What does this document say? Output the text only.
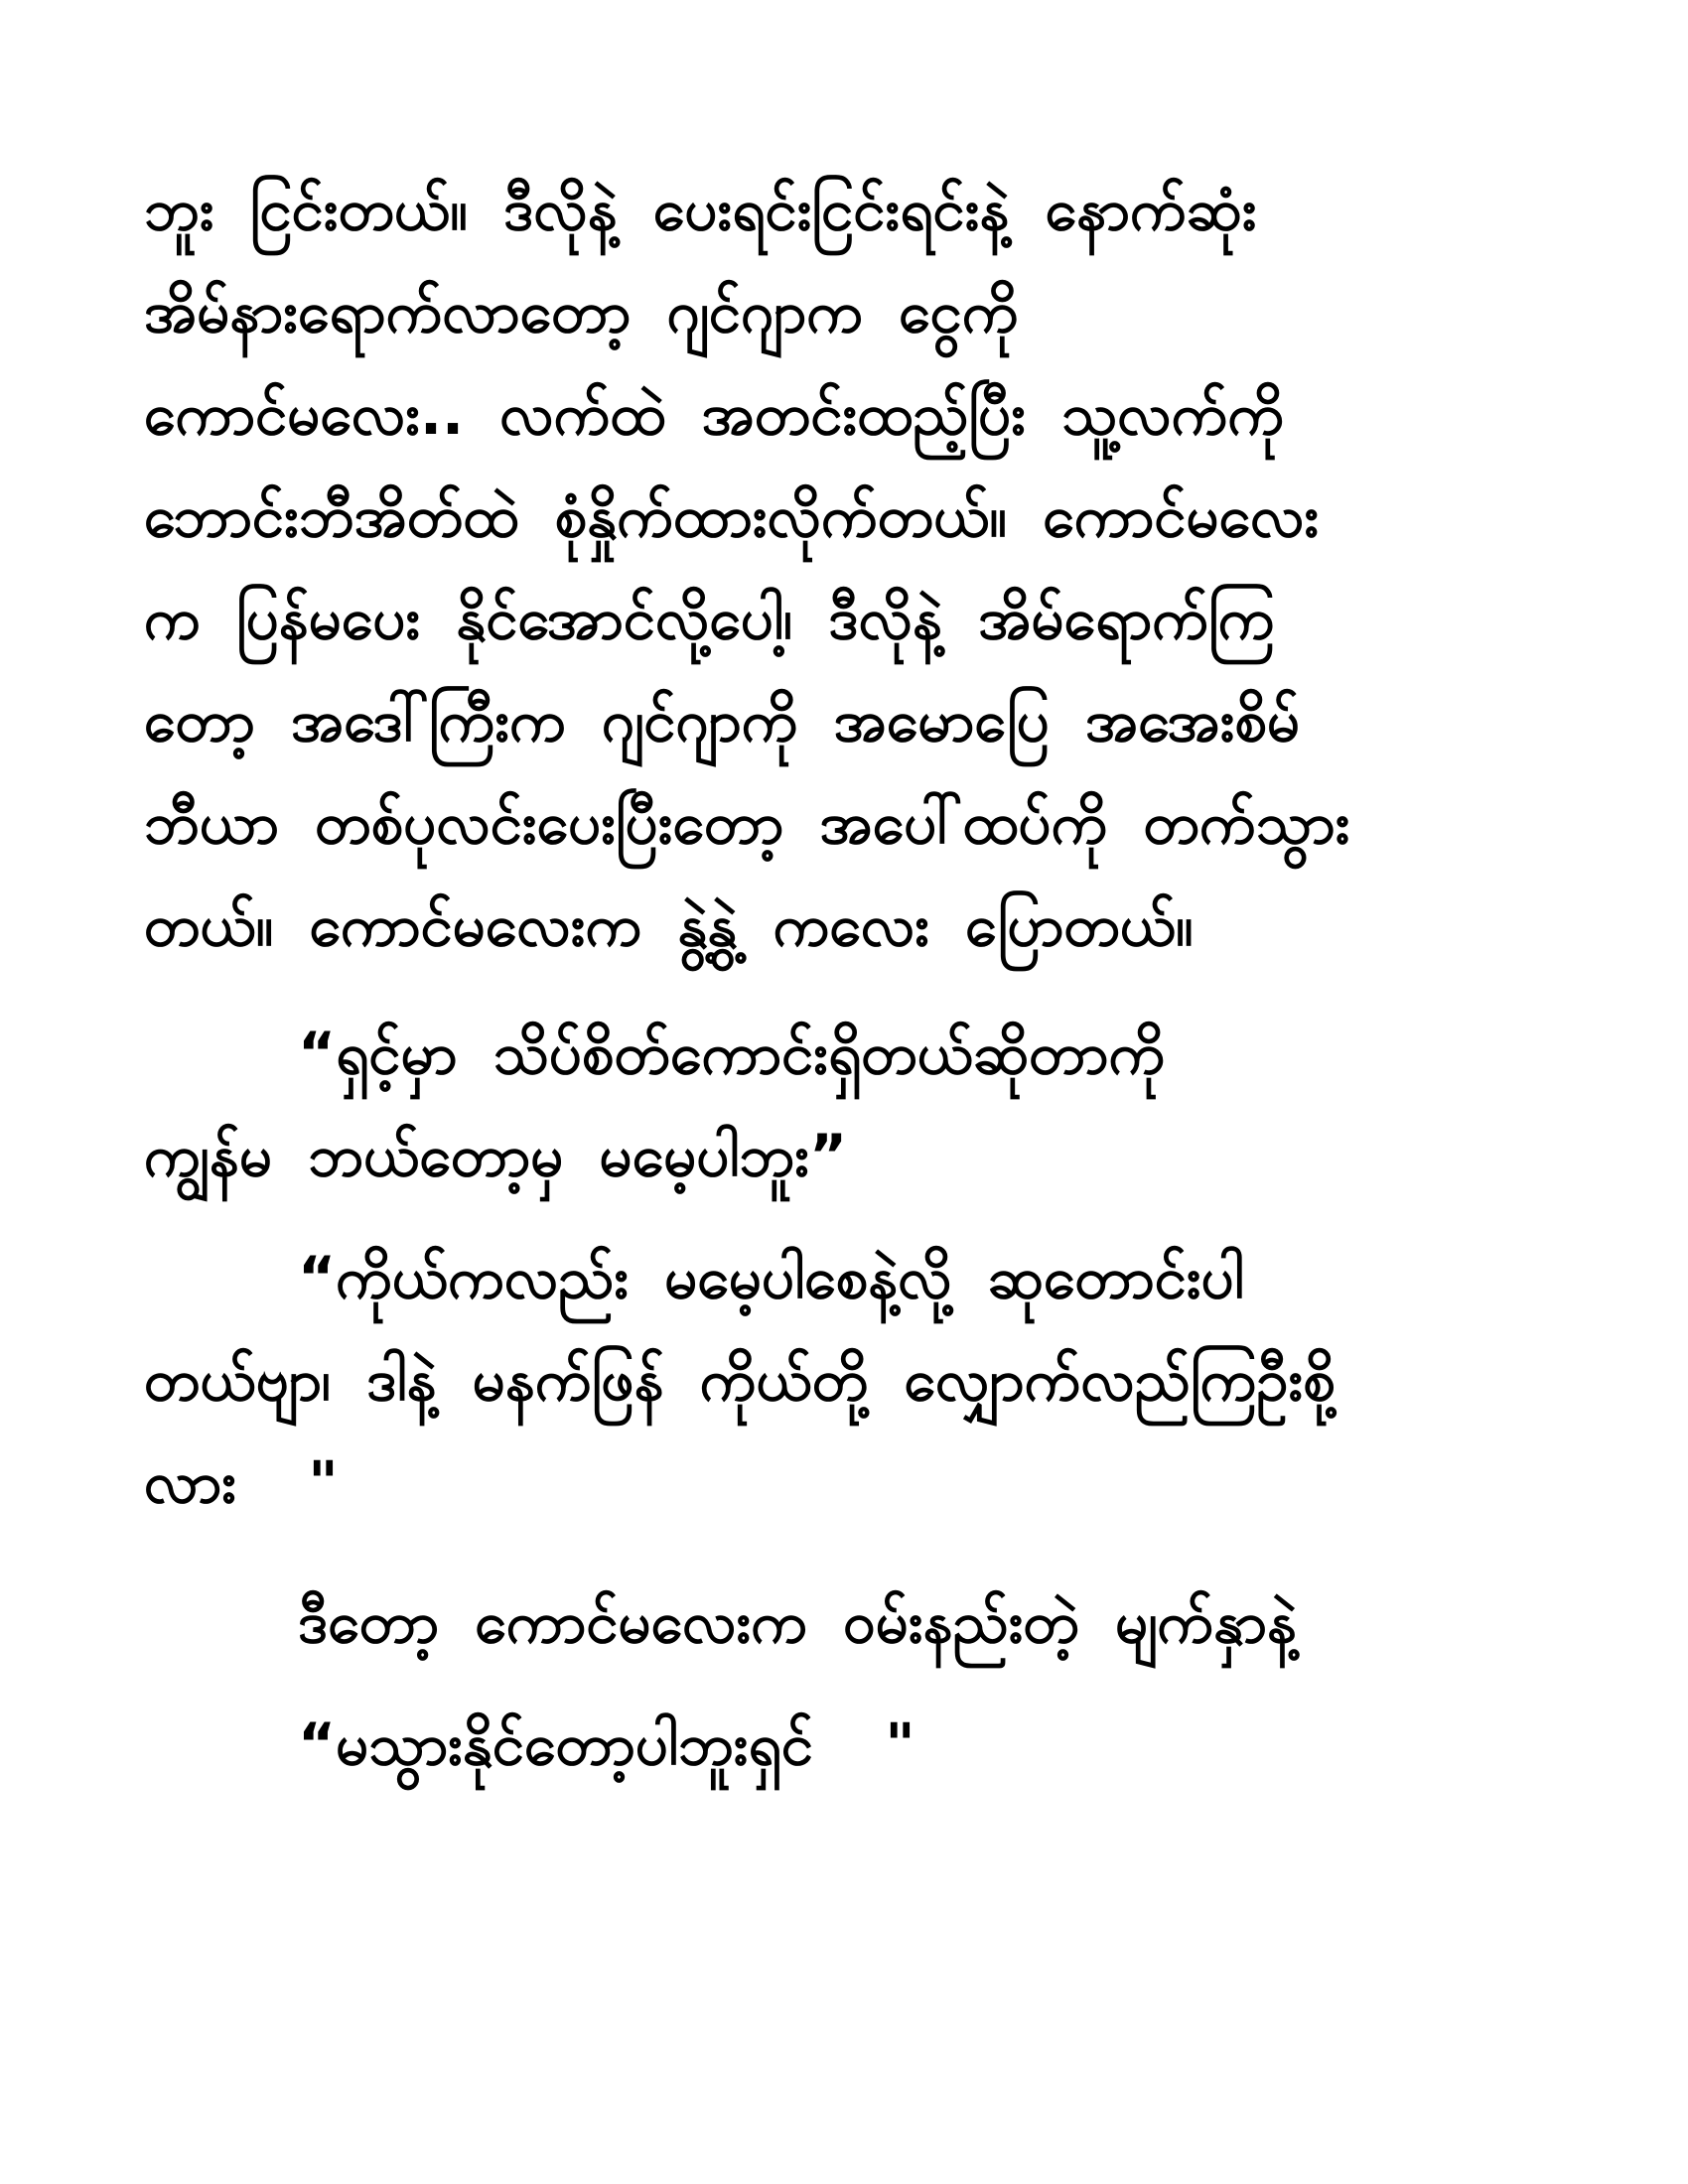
ဘူး ငြင်းတယ်။ ဒီလိုနဲ့ ပေးရင်းငြင်းရင်းနဲ့ နောက်ဆုံး
အိမ်နားရောက်လာတော့ ဂျင်ဂျာက ငွေကို
ကောင်မလေး.. လက်ထဲ အတင်းထည့်ပြီး သူ့လက်ကို
ဘောင်းဘီအိတ်ထဲ စုံနှိုက်ထားလိုက်တယ်။ ကောင်မလေး
က ပြန်မပေး နိုင်အောင်လို့ပေါ့၊ ဒီလိုနဲ့ အိမ်ရောက်ကြ
တော့ အဒေါ်ကြီးက ဂျင်ဂျာကို အမောပြေ အအေးစိမ်
ဘီယာ တစ်ပုလင်းပေးပြီးတော့ အပေါ်ထပ်ကို တက်သွား
တယ်။ ကောင်မလေးက နွဲ့နွဲ့ ကလေး ပြောတယ်။
“ရှင့်မှာ သိပ်စိတ်ကောင်းရှိတယ်ဆိုတာကို
ကျွန်မ ဘယ်တော့မှ မမေ့ပါဘူး”
“ကိုယ်ကလည်း မမေ့ပါစေနဲ့လို့ ဆုတောင်းပါ
တယ်ဗျာ၊ ဒါနဲ့ မနက်ဖြန် ကိုယ်တို့ လျှောက်လည်ကြဦးစို့
လား  "
ဒီတော့ ကောင်မလေးက ဝမ်းနည်းတဲ့ မျက်နှာနဲ့
“မသွားနိုင်တော့ပါဘူးရှင်  "
